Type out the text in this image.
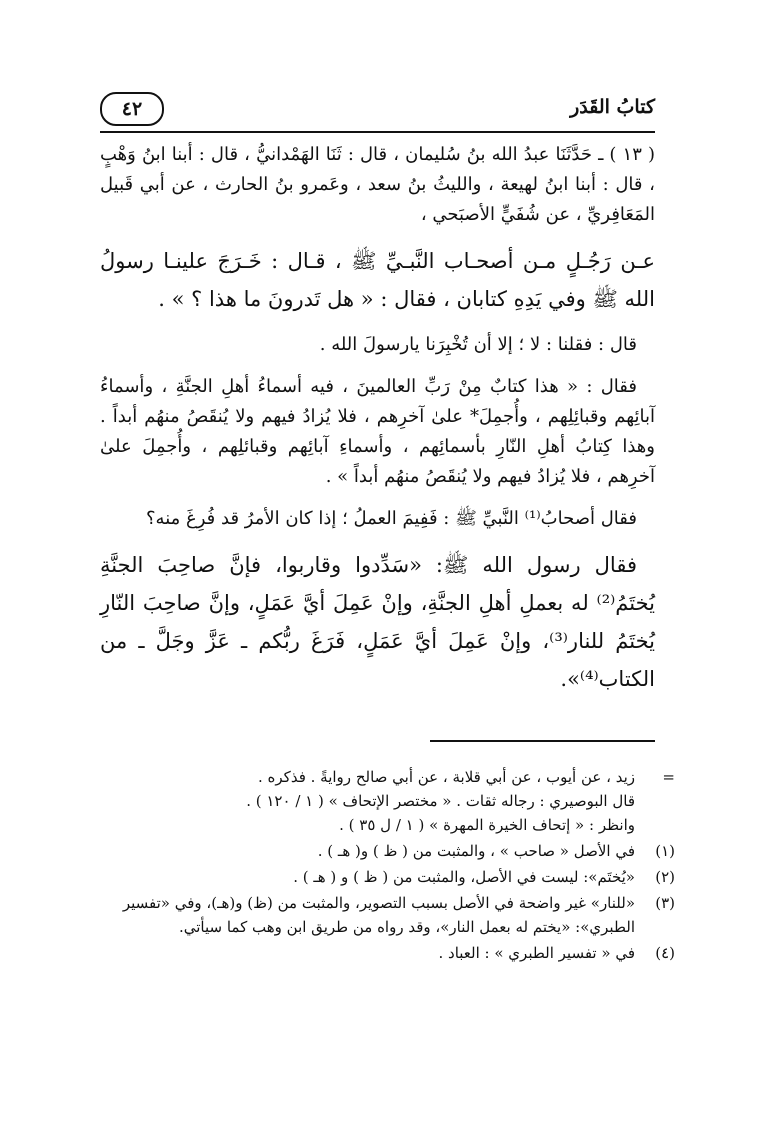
كتابُ القَدَر
٤٢

( ١٣ ) ـ حَدَّثَنَا عبدُ الله بنُ سُليمان ، قال : ثَنَا الهَمْدانيُّ ، قال : أبنا ابنُ وَهْبٍ ، قال : أبنا ابنُ لهيعة ، والليثُ بنُ سعد ، وعَمرو بنُ الحارث ، عن أبي قَبيل المَعَافِريِّ ، عن شُفَيٍّ الأصبَحي ،

عـن رَجُـلٍ مـن أصحـاب النَّبـيِّ ﷺ ، قـال : خَـرَجَ علينـا رسولُ الله ﷺ وفي يَدِهِ كتابان ، فقال : « هل تَدرونَ ما هذا ؟ » .

قال : فقلنا : لا ؛ إلا أن تُخْبِرَنا يارسولَ الله .

فقال : « هذا كتابٌ مِنْ رَبِّ العالمينَ ، فيه أسماءُ أهلِ الجنَّةِ ، وأسماءُ آبائِهم وقبائِلِهم ، وأُجمِلَ* علىٰ آخرِهم ، فلا يُزادُ فيهم ولا يُنقَصُ منهُم أبداً . وهذا كِتابُ أهلِ النّارِ بأسمائِهم ، وأسماءِ آبائِهم وقبائلِهم ، وأُجمِلَ علىٰ آخرِهم ، فلا يُزادُ فيهم ولا يُنقَصُ منهُم أبداً » .

فقال أصحابُ⁽¹⁾ النَّبيِّ ﷺ : فَفِيمَ العملُ ؛ إذا كان الأمرُ قد فُرِغَ منه؟

فقال رسول الله ﷺ: «سَدِّدوا وقاربوا، فإنَّ صاحِبَ الجنَّةِ يُختَمُ⁽²⁾ له بعملِ أهلِ الجنَّةِ، وإنْ عَمِلَ أيَّ عَمَلٍ، وإنَّ صاحِبَ النّارِ يُختَمُ للنار⁽³⁾، وإنْ عَمِلَ أيَّ عَمَلٍ، فَرَغَ ربُّكم ـ عَزَّ وجَلَّ ـ من الكتاب⁽⁴⁾».

=
زيد ، عن أيوب ، عن أبي قلابة ، عن أبي صالح روايةً . فذكره .
قال البوصيري : رجاله ثقات . « مختصر الإتحاف » ( ١ / ١٢٠ ) .
وانظر : « إتحاف الخيرة المهرة » ( ١ / ل ٣٥ ) .
(١)
في الأصل « صاحب » ، والمثبت من ( ظ ) و( هـ ) .
(٢)
«يُختَم»: ليست في الأصل، والمثبت من ( ظ ) و ( هـ ) .
(٣)
«للنار» غير واضحة في الأصل بسبب التصوير، والمثبت من (ظ) و(هـ)، وفي «تفسير الطبري»: «يختم له بعمل النار»، وقد رواه من طريق ابن وهب كما سيأتي.
(٤)
في « تفسير الطبري » : العباد .
